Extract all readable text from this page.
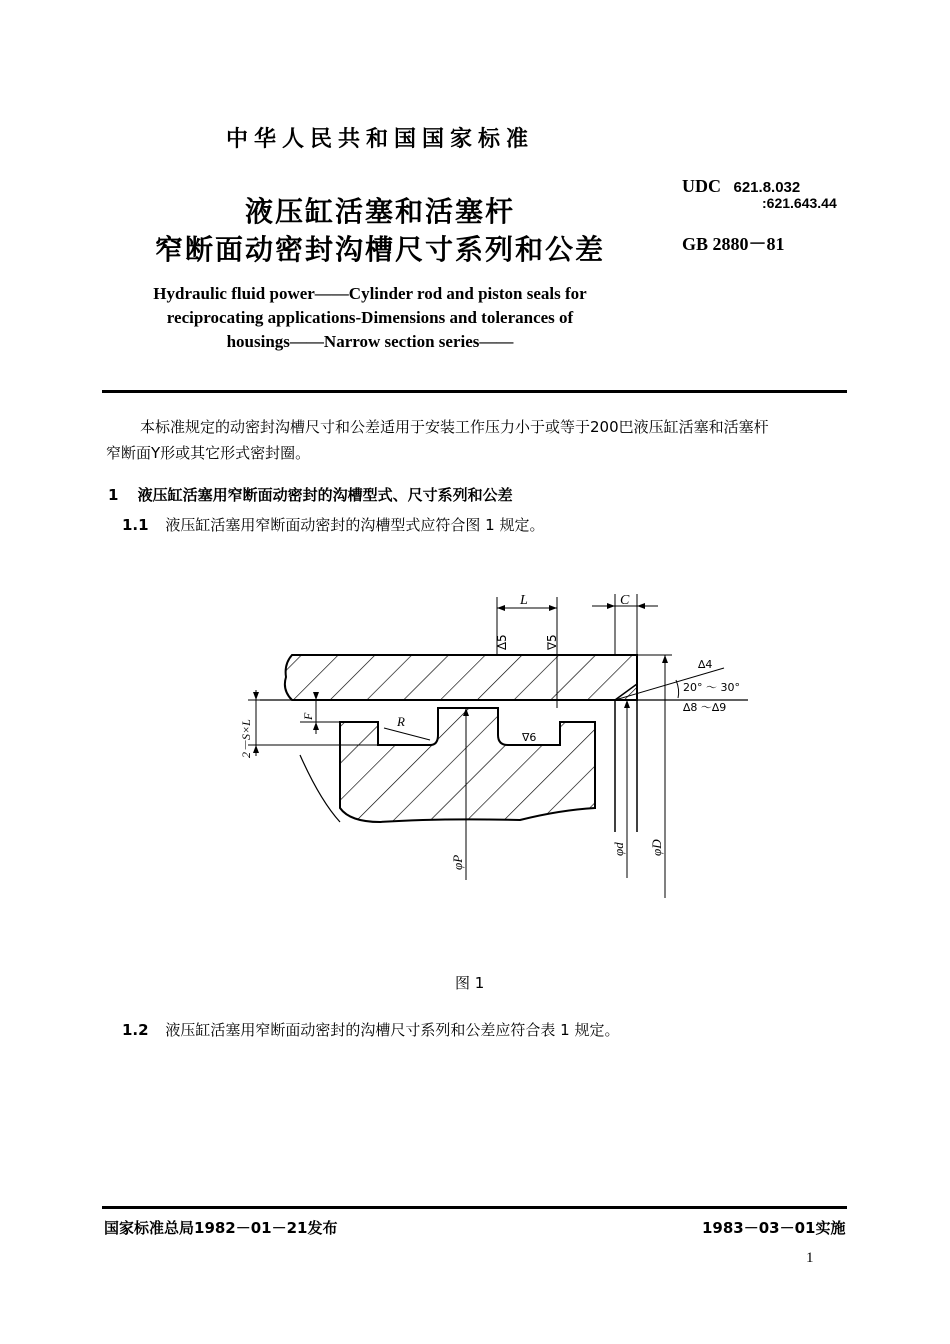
中华人民共和国国家标准
液压缸活塞和活塞杆
窄断面动密封沟槽尺寸系列和公差
UDC 621.8.032
:621.643.44
GB 2880－81
Hydraulic fluid power——Cylinder rod and piston seals for
reciprocating applications-Dimensions and tolerances of
housings——Narrow section series——
本标准规定的动密封沟槽尺寸和公差适用于安装工作压力小于或等于200巴液压缸活塞和活塞杆
窄断面Y形或其它形式密封圈。
1 液压缸活塞用窄断面动密封的沟槽型式、尺寸系列和公差
1.1 液压缸活塞用窄断面动密封的沟槽型式应符合图 1 规定。
L	C
∆5	∇5
∆4
20° ～ 30°
∆8 ～∆9
2－S×L
F	R
∇6
φP
φd φD
图 1
1.2 液压缸活塞用窄断面动密封的沟槽尺寸系列和公差应符合表 1 规定。
国家标准总局1982－01－21发布	1983－03－01实施
1
